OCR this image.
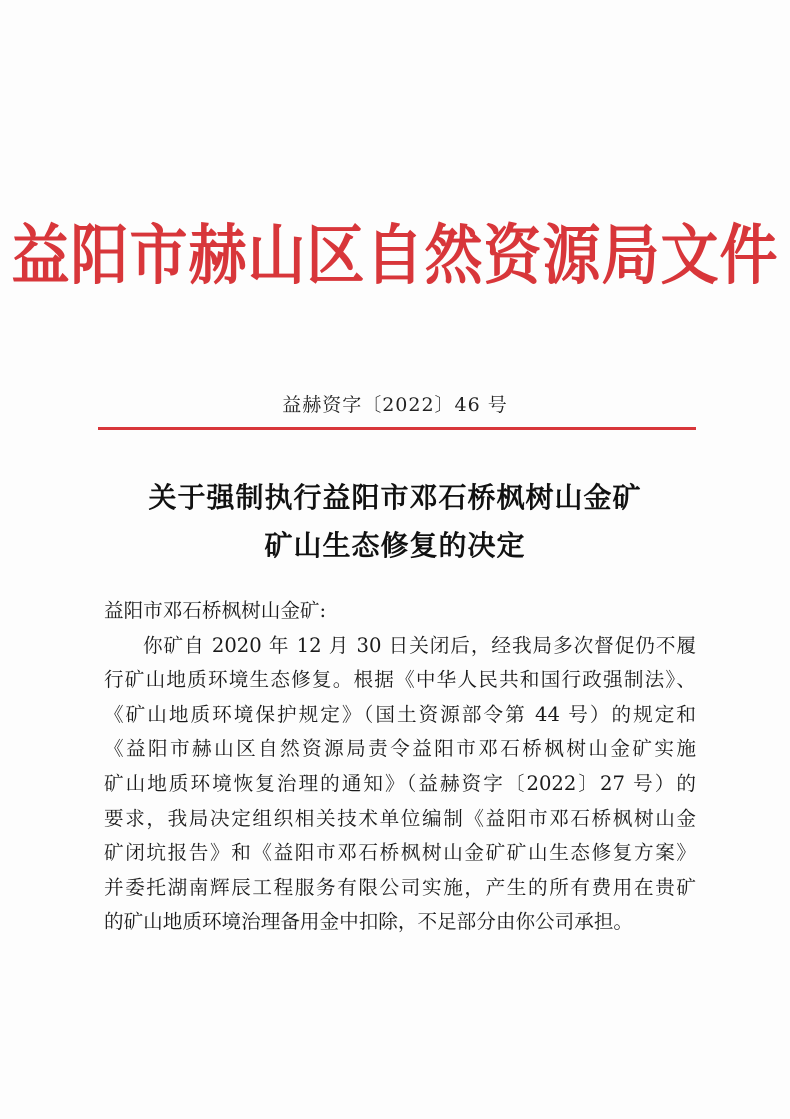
益阳市赫山区自然资源局文件
益赫资字〔2022〕46 号
关于强制执行益阳市邓石桥枫树山金矿
矿山生态修复的决定
益阳市邓石桥枫树山金矿:
你矿自 2020 年 12 月 30 日关闭后，经我局多次督促仍不履
行矿山地质环境生态修复。根据《中华人民共和国行政强制法》、
《矿山地质环境保护规定》（国土资源部令第 44 号）的规定和
《益阳市赫山区自然资源局责令益阳市邓石桥枫树山金矿实施
矿山地质环境恢复治理的通知》（益赫资字〔2022〕27 号）的
要求，我局决定组织相关技术单位编制《益阳市邓石桥枫树山金
矿闭坑报告》和《益阳市邓石桥枫树山金矿矿山生态修复方案》
并委托湖南辉辰工程服务有限公司实施，产生的所有费用在贵矿
的矿山地质环境治理备用金中扣除，不足部分由你公司承担。
